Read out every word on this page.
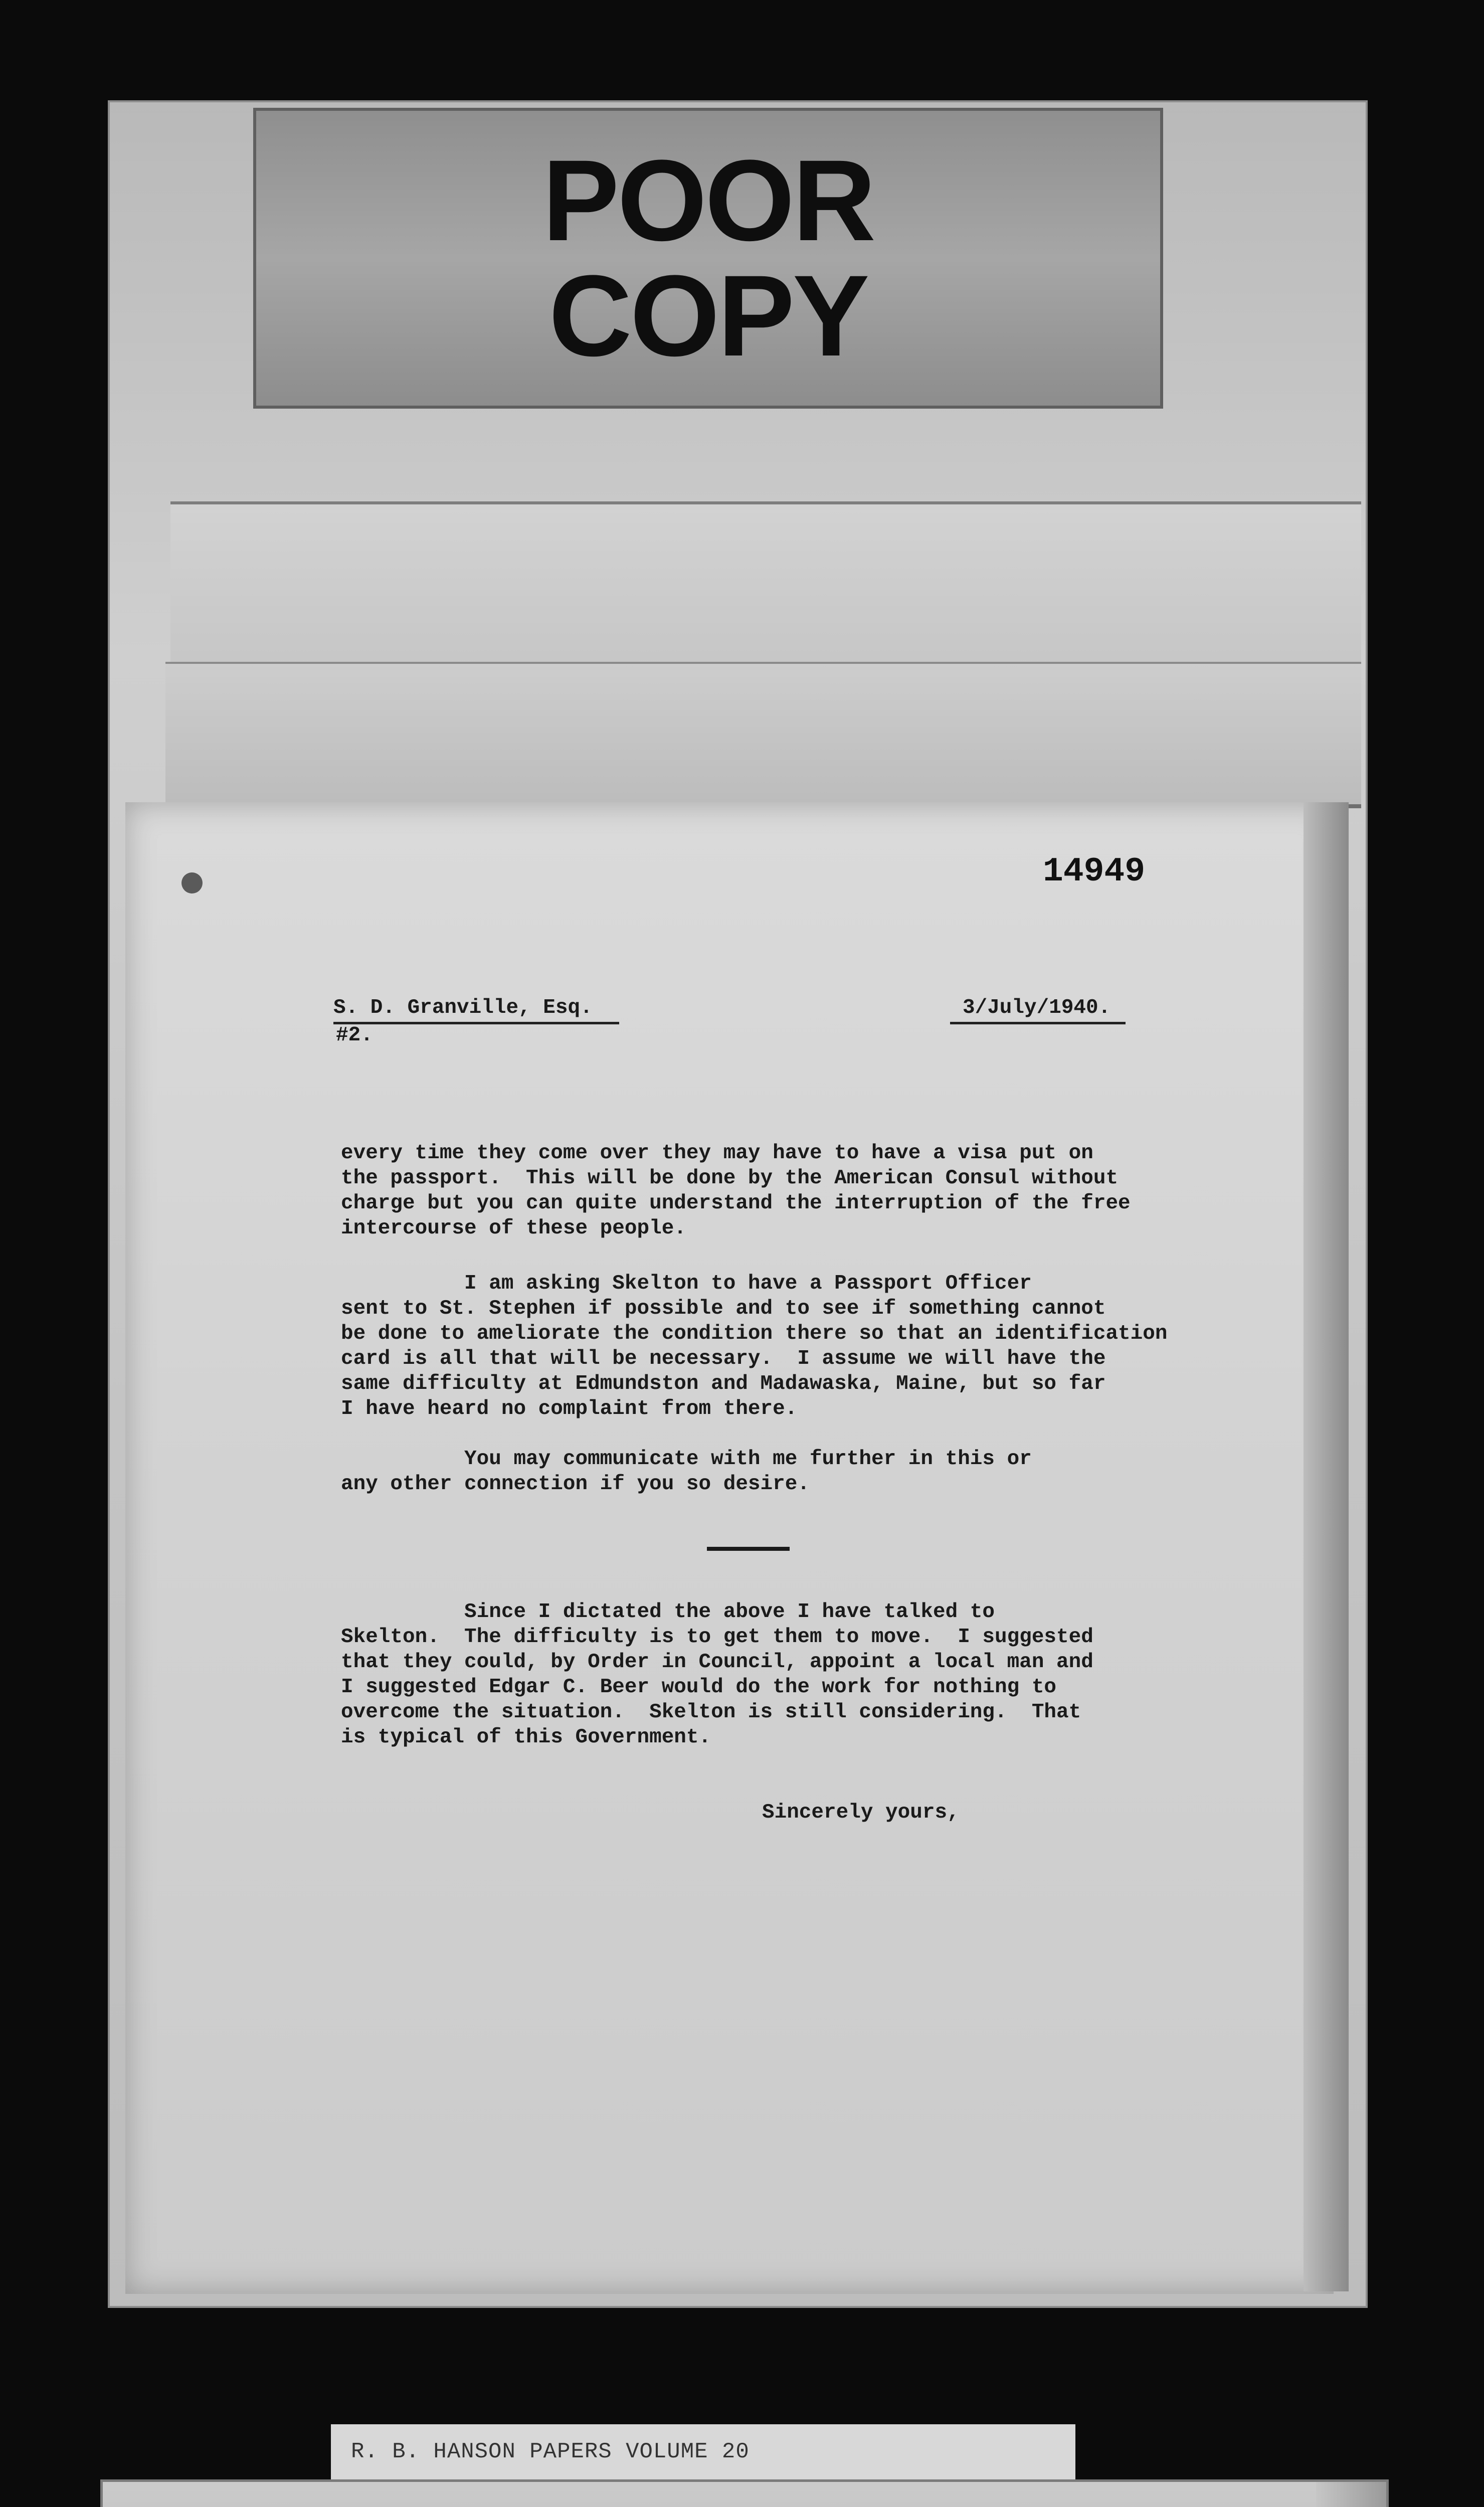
POOR
COPY
14949
S. D. Granville, Esq.	3/July/1940.
#2.
every time they come over they may have to have a visa put on
the passport.  This will be done by the American Consul without
charge but you can quite understand the interruption of the free
intercourse of these people.
I am asking Skelton to have a Passport Officer
sent to St. Stephen if possible and to see if something cannot
be done to ameliorate the condition there so that an identification
card is all that will be necessary.  I assume we will have the
same difficulty at Edmundston and Madawaska, Maine, but so far
I have heard no complaint from there.
You may communicate with me further in this or
any other connection if you so desire.
Since I dictated the above I have talked to
Skelton.  The difficulty is to get them to move.  I suggested
that they could, by Order in Council, appoint a local man and
I suggested Edgar C. Beer would do the work for nothing to
overcome the situation.  Skelton is still considering.  That
is typical of this Government.
Sincerely yours,
R. B. HANSON PAPERS VOLUME 20
